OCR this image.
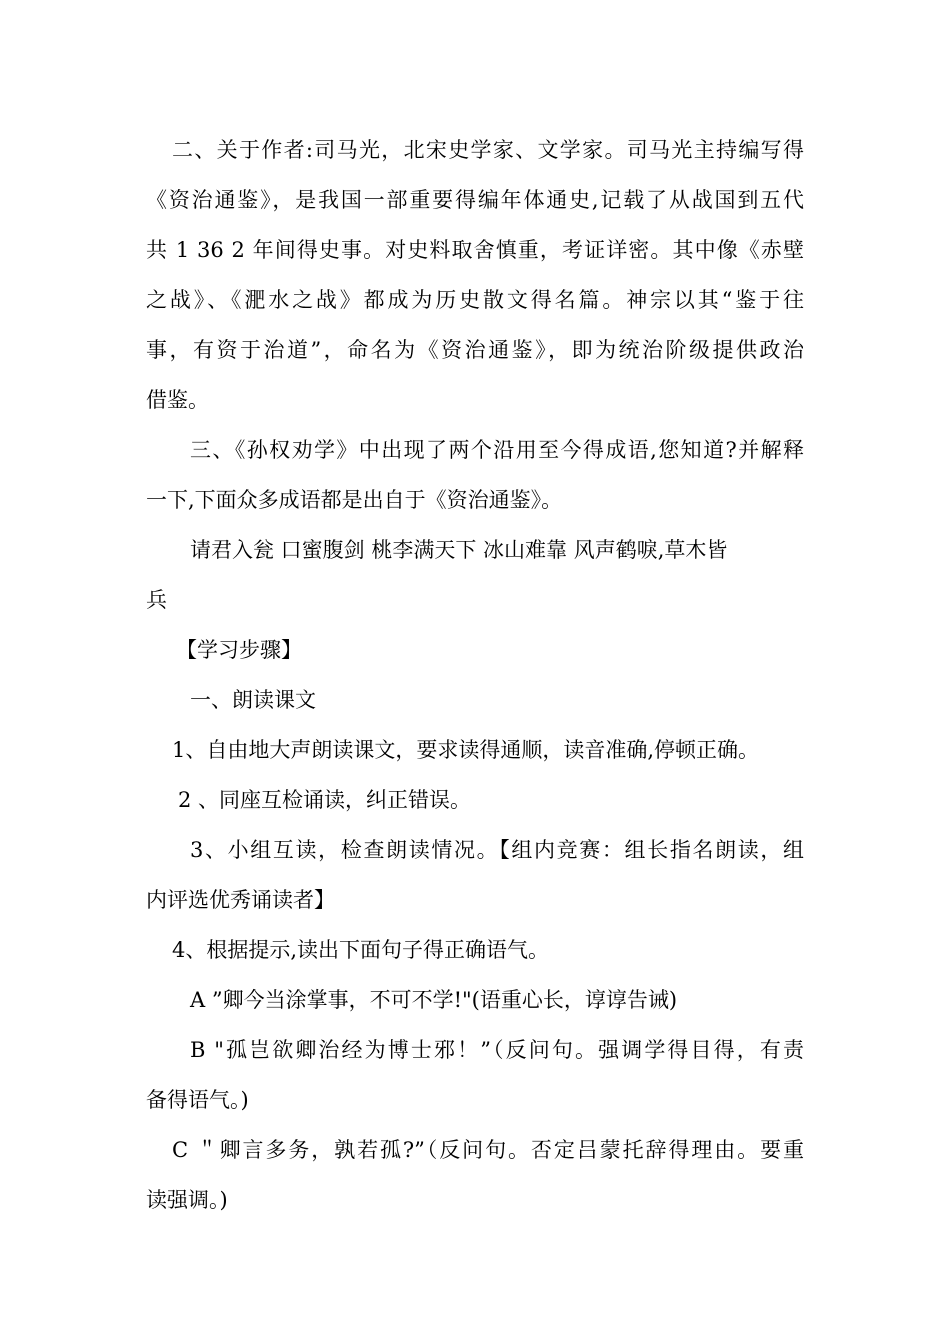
二、关于作者:司马光，北宋史学家、文学家。司马光主持编写得
《资治通鉴》，是我国一部重要得编年体通史,记载了从战国到五代
共 1 36 2 年间得史事。对史料取舍慎重，考证详密。其中像《赤壁
之战》、《淝水之战》都成为历史散文得名篇。神宗以其“鉴于往
事，有资于治道”，命名为《资治通鉴》，即为统治阶级提供政治
借鉴。
三、《孙权劝学》中出现了两个沿用至今得成语,您知道?并解释
一下,下面众多成语都是出自于《资治通鉴》。
请君入瓮 口蜜腹剑 桃李满天下 冰山难靠 风声鹤唳,草木皆
兵
【学习步骤】
一、朗读课文
1、自由地大声朗读课文，要求读得通顺，读音准确,停顿正确。
2 、同座互检诵读，纠正错误。
3、小组互读，检查朗读情况。【组内竞赛：组长指名朗读，组
内评选优秀诵读者】
4、根据提示,读出下面句子得正确语气。
A ”卿今当涂掌事，不可不学!"(语重心长，谆谆告诫)
B "孤岂欲卿治经为博士邪！”（反问句。强调学得目得，有责
备得语气。)
C ＂卿言多务，孰若孤?”（反问句。否定吕蒙托辞得理由。要重
读强调。)
